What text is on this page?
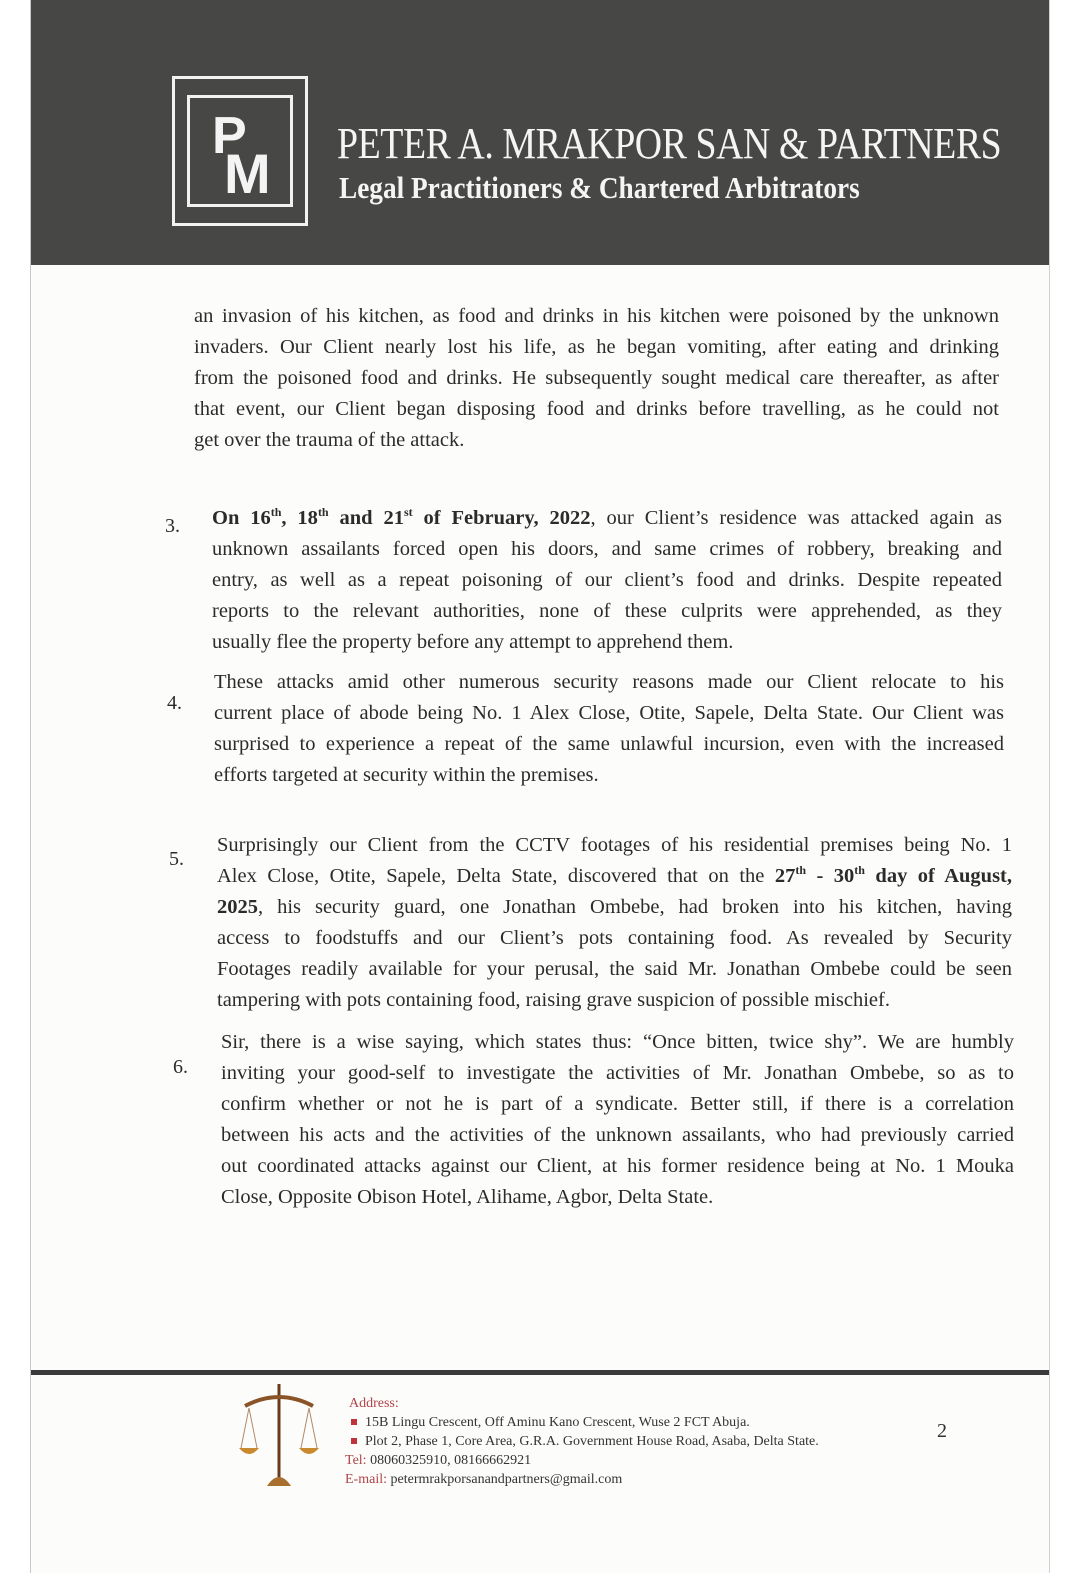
P
M PETER A. MRAKPOR SAN & PARTNERS
Legal Practitioners & Chartered Arbitrators
an invasion of his kitchen, as food and drinks in his kitchen were poisoned by the unknown
invaders. Our Client nearly lost his life, as he began vomiting, after eating and drinking
from the poisoned food and drinks. He subsequently sought medical care thereafter, as after
that event, our Client began disposing food and drinks before travelling, as he could not
get over the trauma of the attack.
3. On 16th, 18th and 21st of February, 2022, our Client’s residence was attacked again as
unknown assailants forced open his doors, and same crimes of robbery, breaking and
entry, as well as a repeat poisoning of our client’s food and drinks. Despite repeated
reports to the relevant authorities, none of these culprits were apprehended, as they
usually flee the property before any attempt to apprehend them.
4.
These attacks amid other numerous security reasons made our Client relocate to his
current place of abode being No. 1 Alex Close, Otite, Sapele, Delta State. Our Client was
surprised to experience a repeat of the same unlawful incursion, even with the increased
efforts targeted at security within the premises.
5.
Surprisingly our Client from the CCTV footages of his residential premises being No. 1
Alex Close, Otite, Sapele, Delta State, discovered that on the 27th - 30th day of August,
2025, his security guard, one Jonathan Ombebe, had broken into his kitchen, having
access to foodstuffs and our Client’s pots containing food. As revealed by Security
Footages readily available for your perusal, the said Mr. Jonathan Ombebe could be seen
tampering with pots containing food, raising grave suspicion of possible mischief.
6.
Sir, there is a wise saying, which states thus: “Once bitten, twice shy”. We are humbly
inviting your good-self to investigate the activities of Mr. Jonathan Ombebe, so as to
confirm whether or not he is part of a syndicate. Better still, if there is a correlation
between his acts and the activities of the unknown assailants, who had previously carried
out coordinated attacks against our Client, at his former residence being at No. 1 Mouka
Close, Opposite Obison Hotel, Alihame, Agbor, Delta State.
Address:
15B Lingu Crescent, Off Aminu Kano Crescent, Wuse 2 FCT Abuja.
Plot 2, Phase 1, Core Area, G.R.A. Government House Road, Asaba, Delta State.
Tel: 08060325910, 08166662921
E-mail: petermrakporsanandpartners@gmail.com
2
